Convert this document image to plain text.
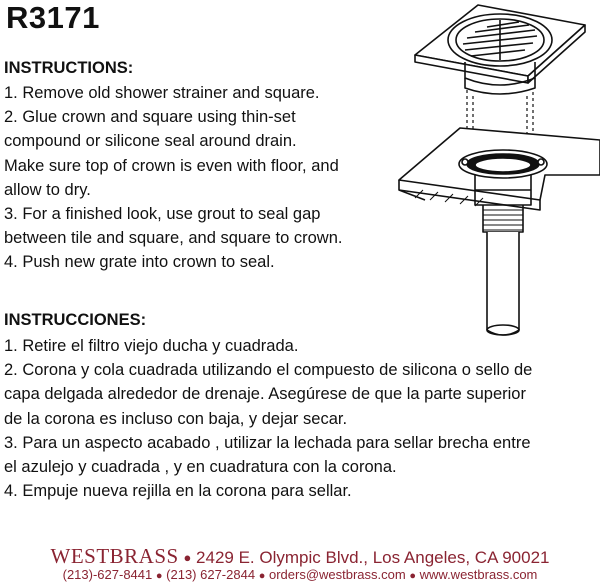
R3171
INSTRUCTIONS:
1. Remove old shower strainer and square.
2. Glue crown and square using thin-set
compound or silicone seal around drain.
Make sure top of crown is even with floor, and
allow to dry.
3. For a finished look, use grout to seal gap
between tile and square, and square to crown.
4. Push new grate into crown to seal.
INSTRUCCIONES:
1. Retire el filtro viejo ducha y cuadrada.
2. Corona y cola cuadrada utilizando el compuesto de silicona o sello de
capa delgada alrededor de drenaje. Asegúrese de que la parte superior
de la corona es incluso con baja, y dejar secar.
3. Para un aspecto acabado , utilizar la lechada para sellar brecha entre
el azulejo y cuadrada , y en cuadratura con la corona.
4. Empuje nueva rejilla en la corona para sellar.
WESTBRASS ● 2429 E. Olympic Blvd., Los Angeles, CA 90021
(213)-627-8441 ● (213) 627-2844 ● orders@westbrass.com ● www.westbrass.com
